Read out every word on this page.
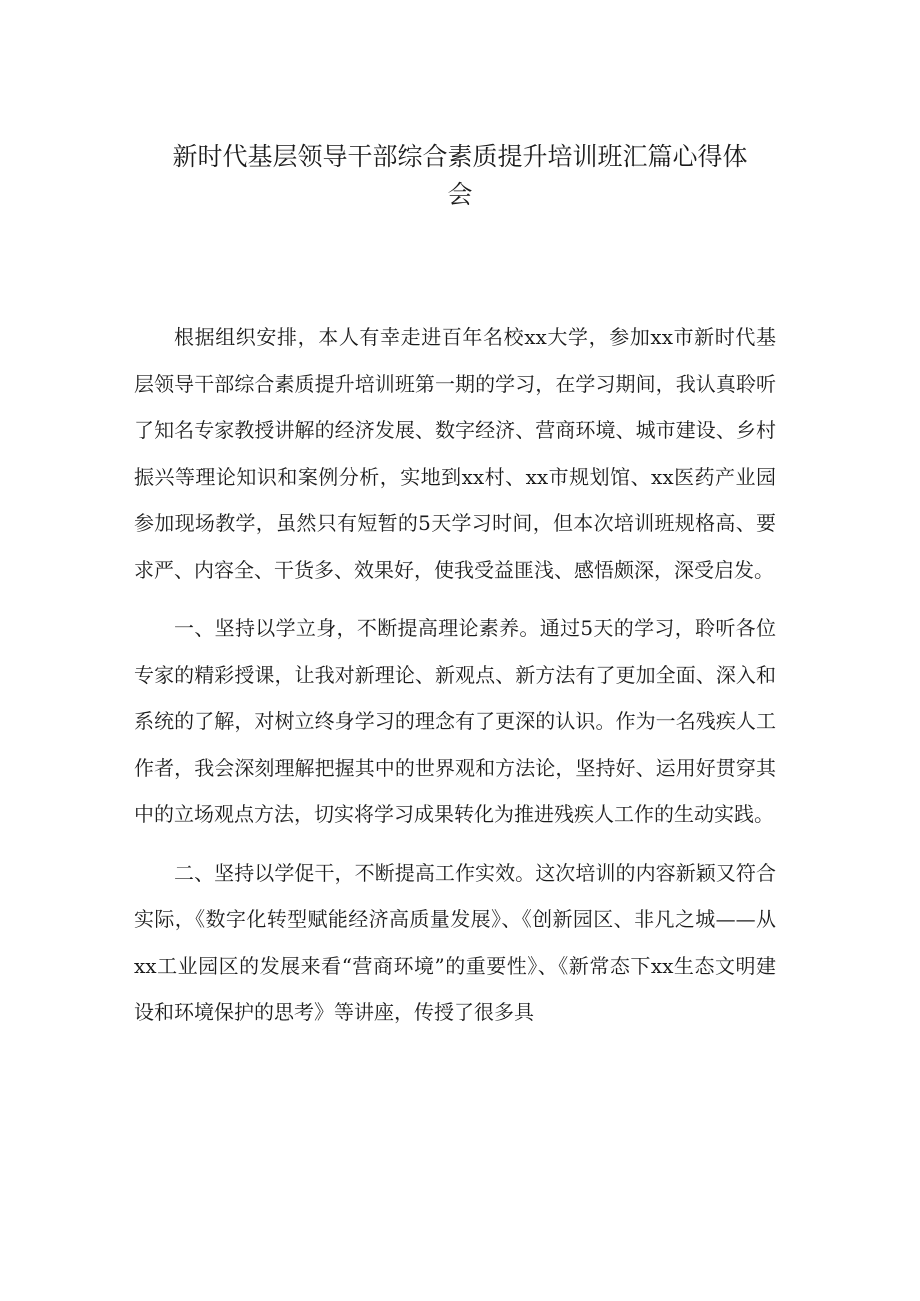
新时代基层领导干部综合素质提升培训班汇篇心得体
会

根据组织安排，本人有幸走进百年名校xx大学，参加xx市新时代基层领导干部综合素质提升培训班第一期的学习，在学习期间，我认真聆听了知名专家教授讲解的经济发展、数字经济、营商环境、城市建设、乡村振兴等理论知识和案例分析，实地到xx村、xx市规划馆、xx医药产业园参加现场教学，虽然只有短暂的5天学习时间，但本次培训班规格高、要求严、内容全、干货多、效果好，使我受益匪浅、感悟颇深，深受启发。

一、坚持以学立身，不断提高理论素养。通过5天的学习，聆听各位专家的精彩授课，让我对新理论、新观点、新方法有了更加全面、深入和系统的了解，对树立终身学习的理念有了更深的认识。作为一名残疾人工作者，我会深刻理解把握其中的世界观和方法论，坚持好、运用好贯穿其中的立场观点方法，切实将学习成果转化为推进残疾人工作的生动实践。

二、坚持以学促干，不断提高工作实效。这次培训的内容新颖又符合实际，《数字化转型赋能经济高质量发展》、《创新园区、非凡之城——从xx工业园区的发展来看“营商环境”的重要性》、《新常态下xx生态文明建设和环境保护的思考》等讲座，传授了很多具
